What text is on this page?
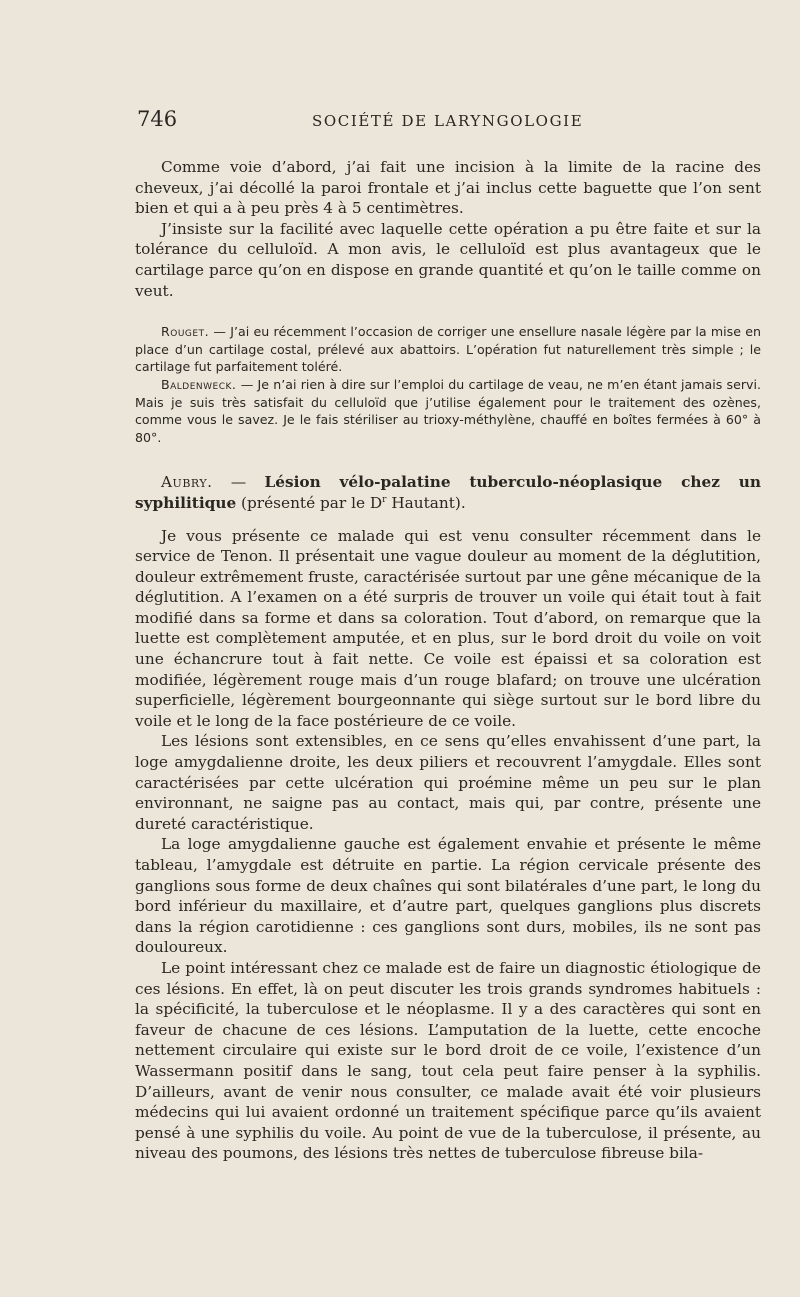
746	SOCIÉTÉ DE LARYNGOLOGIE

Comme voie d’abord, j’ai fait une incision à la limite de la racine des cheveux, j’ai décollé la paroi frontale et j’ai inclus cette baguette que l’on sent bien et qui a à peu près 4 à 5 centimètres.

J’insiste sur la facilité avec laquelle cette opération a pu être faite et sur la tolérance du celluloïd. A mon avis, le celluloïd est plus avantageux que le cartilage parce qu’on en dispose en grande quantité et qu’on le taille comme on veut.

Rouget. — J’ai eu récemment l’occasion de corriger une ensellure nasale légère par la mise en place d’un cartilage costal, prélevé aux abattoirs. L’opération fut naturellement très simple ; le cartilage fut parfaitement toléré.

Baldenweck. — Je n’ai rien à dire sur l’emploi du cartilage de veau, ne m’en étant jamais servi. Mais je suis très satisfait du celluloïd que j’utilise également pour le traitement des ozènes, comme vous le savez. Je le fais stériliser au trioxy-méthylène, chauffé en boîtes fermées à 60° à 80°.

Aubry. — Lésion vélo-palatine tuberculo-néoplasique chez un syphilitique (présenté par le $D^r$ Hautant).

Je vous présente ce malade qui est venu consulter récemment dans le service de Tenon. Il présentait une vague douleur au moment de la déglutition, douleur extrêmement fruste, caractérisée surtout par une gêne mécanique de la déglutition. A l’examen on a été surpris de trouver un voile qui était tout à fait modifié dans sa forme et dans sa coloration. Tout d’abord, on remarque que la luette est complètement amputée, et en plus, sur le bord droit du voile on voit une échancrure tout à fait nette. Ce voile est épaissi et sa coloration est modifiée, légèrement rouge mais d’un rouge blafard; on trouve une ulcération superficielle, légèrement bourgeonnante qui siège surtout sur le bord libre du voile et le long de la face postérieure de ce voile.

Les lésions sont extensibles, en ce sens qu’elles envahissent d’une part, la loge amygdalienne droite, les deux piliers et recouvrent l’amygdale. Elles sont caractérisées par cette ulcération qui proémine même un peu sur le plan environnant, ne saigne pas au contact, mais qui, par contre, présente une dureté caractéristique.

La loge amygdalienne gauche est également envahie et présente le même tableau, l’amygdale est détruite en partie. La région cervicale présente des ganglions sous forme de deux chaînes qui sont bilatérales d’une part, le long du bord inférieur du maxillaire, et d’autre part, quelques ganglions plus discrets dans la région carotidienne : ces ganglions sont durs, mobiles, ils ne sont pas douloureux.

Le point intéressant chez ce malade est de faire un diagnostic étiologique de ces lésions. En effet, là on peut discuter les trois grands syndromes habituels : la spécificité, la tuberculose et le néoplasme. Il y a des caractères qui sont en faveur de chacune de ces lésions. L’amputation de la luette, cette encoche nettement circulaire qui existe sur le bord droit de ce voile, l’existence d’un Wassermann positif dans le sang, tout cela peut faire penser à la syphilis. D’ailleurs, avant de venir nous consulter, ce malade avait été voir plusieurs médecins qui lui avaient ordonné un traitement spécifique parce qu’ils avaient pensé à une syphilis du voile. Au point de vue de la tuberculose, il présente, au niveau des poumons, des lésions très nettes de tuberculose fibreuse bila-
